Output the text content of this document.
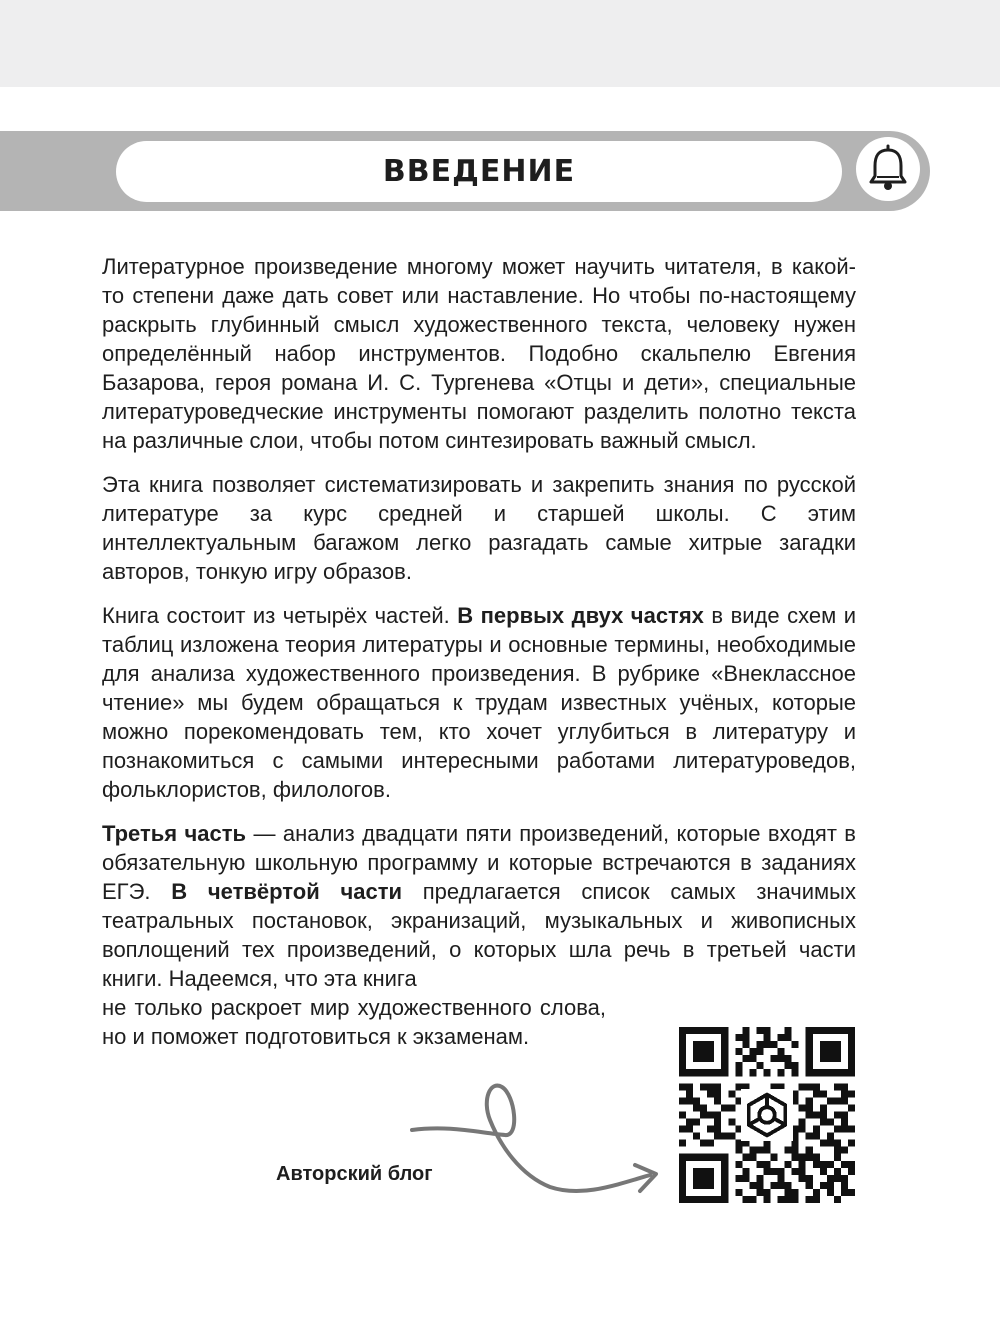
ВВЕДЕНИЕ

Литературное произведение многому может научить читателя, в какой-то степени даже дать совет или наставление. Но чтобы по-настоящему раскрыть глубинный смысл художественного текста, человеку нужен определённый набор инструментов. Подобно скальпелю Евгения Базарова, героя романа И. С. Тургенева «Отцы и дети», специальные литературоведческие инструменты помогают разделить полотно текста на различные слои, чтобы потом синтезировать важный смысл.

Эта книга позволяет систематизировать и закрепить знания по русской литературе за курс средней и старшей школы. С этим интеллектуальным багажом легко разгадать самые хитрые загадки авторов, тонкую игру образов.

Книга состоит из четырёх частей. В первых двух частях в виде схем и таблиц изложена теория литературы и основные термины, необходимые для анализа художественного произведения. В рубрике «Внеклассное чтение» мы будем обращаться к трудам известных учёных, которые можно порекомендовать тем, кто хочет углубиться в литературу и познакомиться с самыми интересными работами литературоведов, фольклористов, филологов.

Третья часть — анализ двадцати пяти произведений, которые входят в обязательную школьную программу и которые встречаются в заданиях ЕГЭ. В четвёртой части предлагается список самых значимых театральных постановок, экранизаций, музыкальных и живописных воплощений тех произведений, о которых шла речь в третьей части книги. Надеемся, что эта книга

не только раскроет мир художественного слова, но и поможет подготовиться к экзаменам.

Авторский блог
